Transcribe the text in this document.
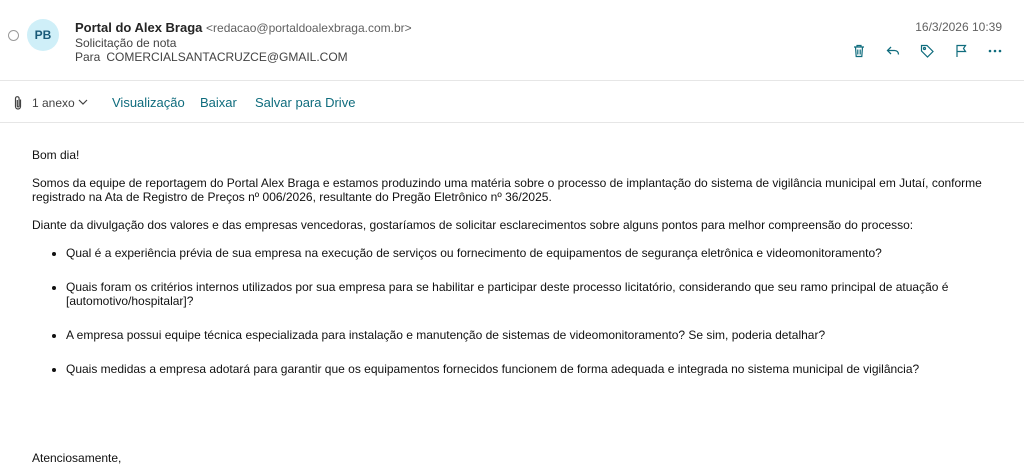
PB	Portal do Alex Braga <redacao@portaldoalexbraga.com.br>
Solicitação de nota
Para COMERCIALSANTACRUZCE@GMAIL.COM
16/3/2026 10:39
1 anexo	Visualização Baixar Salvar para Drive

Bom dia!

Somos da equipe de reportagem do Portal Alex Braga e estamos produzindo uma matéria sobre o processo de implantação do sistema de vigilância municipal em Jutaí, conforme registrado na Ata de Registro de Preços nº 006/2026, resultante do Pregão Eletrônico nº 36/2025.

Diante da divulgação dos valores e das empresas vencedoras, gostaríamos de solicitar esclarecimentos sobre alguns pontos para melhor compreensão do processo:

• Qual é a experiência prévia de sua empresa na execução de serviços ou fornecimento de equipamentos de segurança eletrônica e videomonitoramento?
• Quais foram os critérios internos utilizados por sua empresa para se habilitar e participar deste processo licitatório, considerando que seu ramo principal de atuação é [automotivo/hospitalar]?
• A empresa possui equipe técnica especializada para instalação e manutenção de sistemas de videomonitoramento? Se sim, poderia detalhar?
• Quais medidas a empresa adotará para garantir que os equipamentos fornecidos funcionem de forma adequada e integrada no sistema municipal de vigilância?
Atenciosamente,
